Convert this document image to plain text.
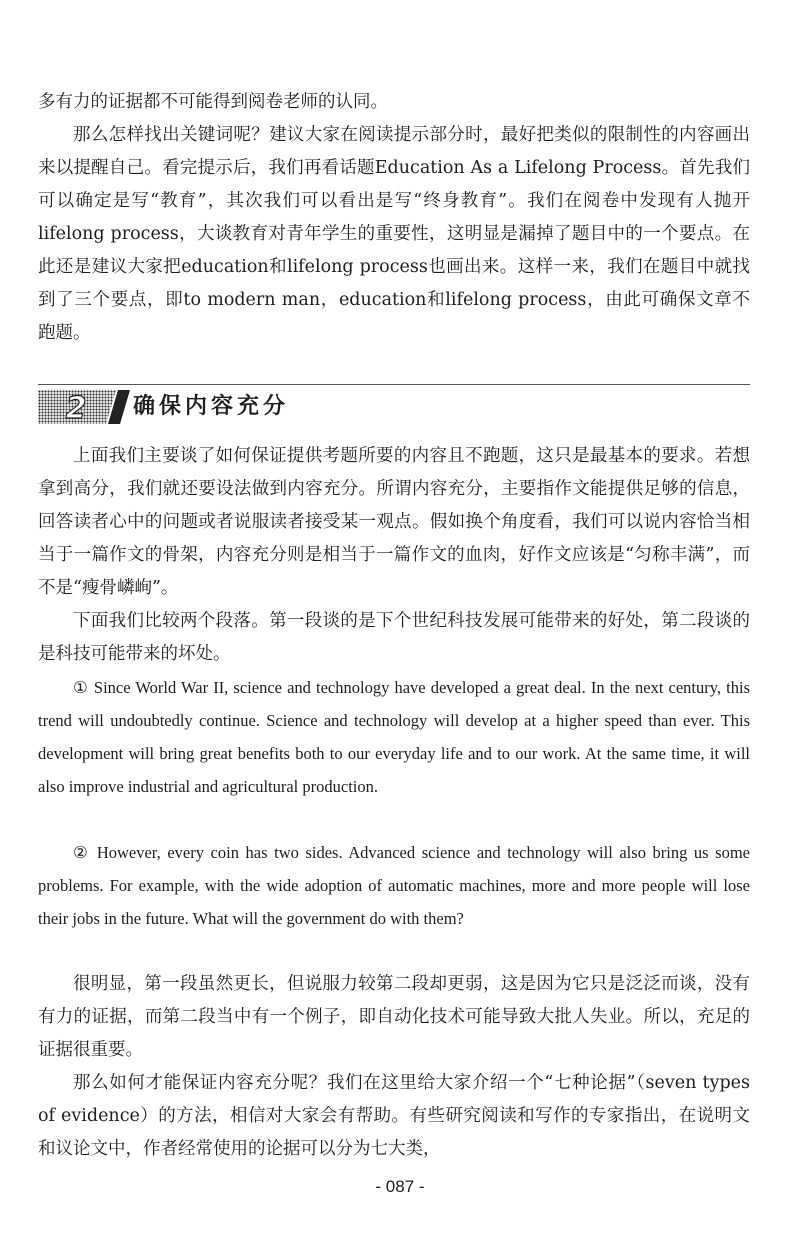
多有力的证据都不可能得到阅卷老师的认同。

那么怎样找出关键词呢？建议大家在阅读提示部分时，最好把类似的限制性的内容画出来以提醒自己。看完提示后，我们再看话题Education As a Lifelong Process。首先我们可以确定是写“教育”，其次我们可以看出是写“终身教育”。我们在阅卷中发现有人抛开lifelong process，大谈教育对青年学生的重要性，这明显是漏掉了题目中的一个要点。在此还是建议大家把education和lifelong process也画出来。这样一来，我们在题目中就找到了三个要点，即to modern man，education和lifelong process，由此可确保文章不跑题。

2 确保内容充分

上面我们主要谈了如何保证提供考题所要的内容且不跑题，这只是最基本的要求。若想拿到高分，我们就还要设法做到内容充分。所谓内容充分，主要指作文能提供足够的信息，回答读者心中的问题或者说服读者接受某一观点。假如换个角度看，我们可以说内容恰当相当于一篇作文的骨架，内容充分则是相当于一篇作文的血肉，好作文应该是“匀称丰满”，而不是“瘦骨嶙峋”。

下面我们比较两个段落。第一段谈的是下个世纪科技发展可能带来的好处，第二段谈的是科技可能带来的坏处。

① Since World War II, science and technology have developed a great deal. In the next century, this trend will undoubtedly continue. Science and technology will develop at a higher speed than ever. This development will bring great benefits both to our everyday life and to our work. At the same time, it will also improve industrial and agricultural production.

② However, every coin has two sides. Advanced science and technology will also bring us some problems. For example, with the wide adoption of automatic machines, more and more people will lose their jobs in the future. What will the government do with them?

很明显，第一段虽然更长，但说服力较第二段却更弱，这是因为它只是泛泛而谈，没有有力的证据，而第二段当中有一个例子，即自动化技术可能导致大批人失业。所以，充足的证据很重要。

那么如何才能保证内容充分呢？我们在这里给大家介绍一个“七种论据”（seven types of evidence）的方法，相信对大家会有帮助。有些研究阅读和写作的专家指出，在说明文和议论文中，作者经常使用的论据可以分为七大类，

- 087 -
